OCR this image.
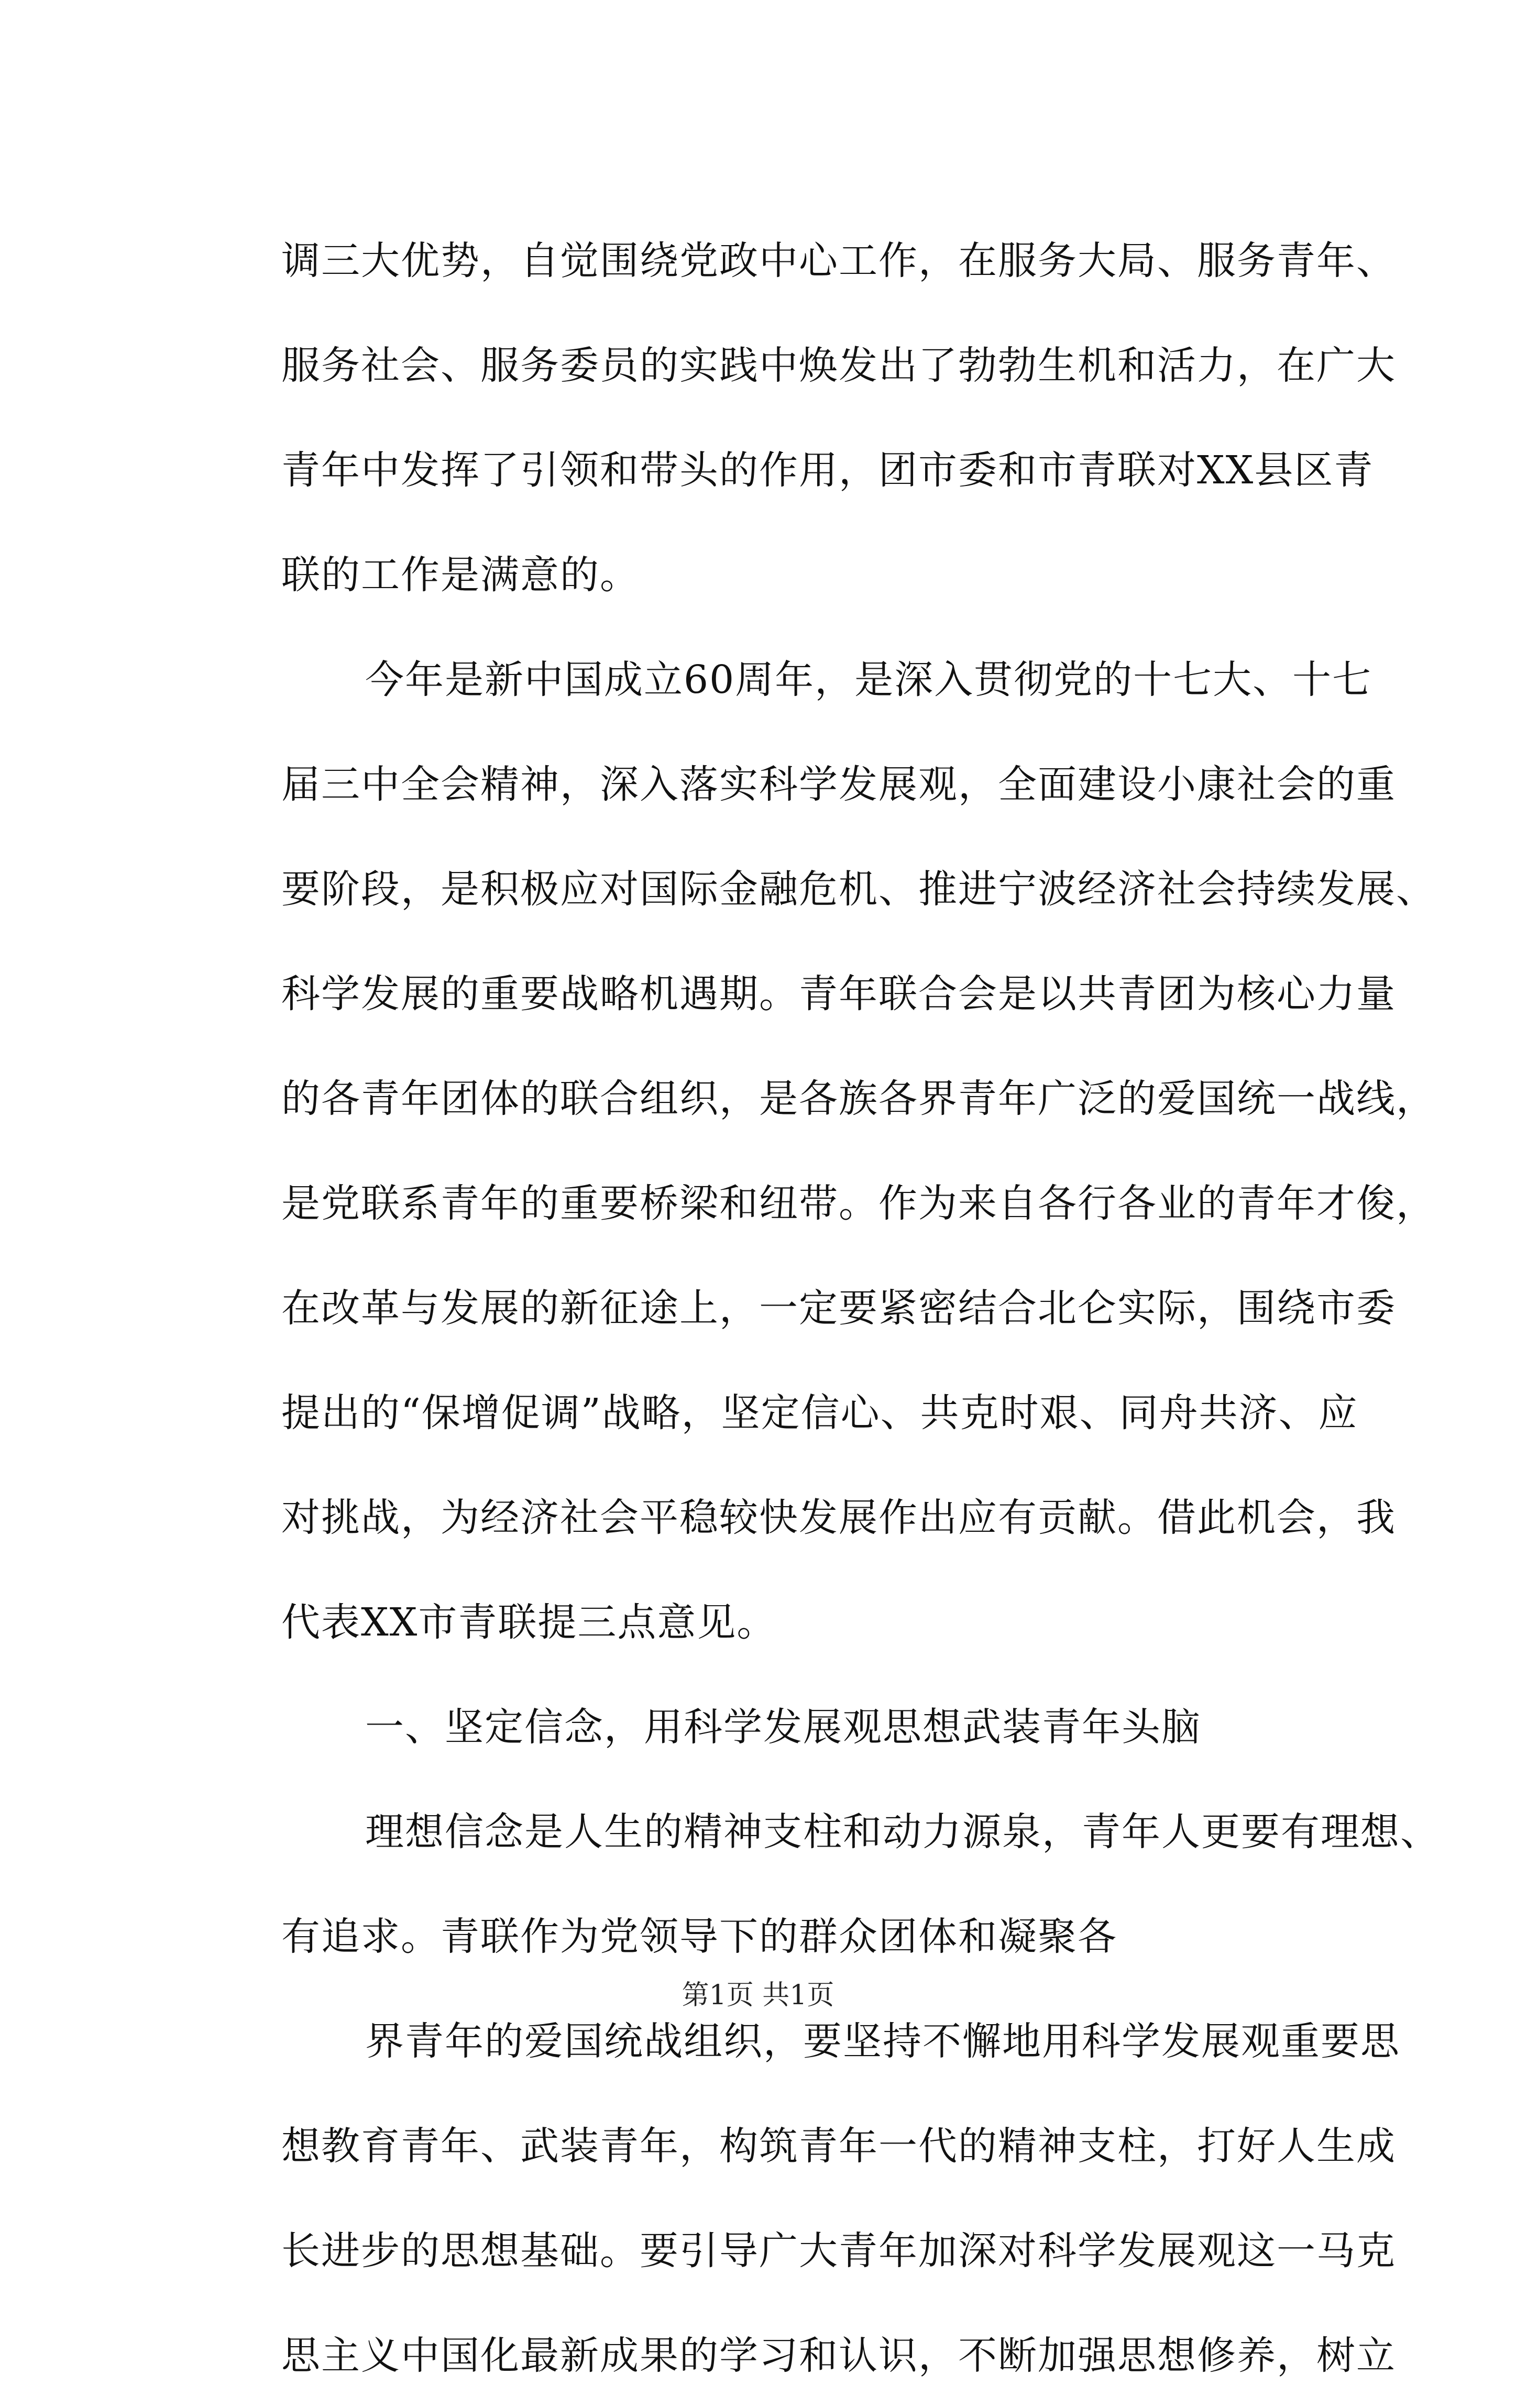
调三大优势，自觉围绕党政中心工作，在服务大局、服务青年、
服务社会、服务委员的实践中焕发出了勃勃生机和活力，在广大
青年中发挥了引领和带头的作用，团市委和市青联对XX县区青
联的工作是满意的。
今年是新中国成立60周年，是深入贯彻党的十七大、十七
届三中全会精神，深入落实科学发展观，全面建设小康社会的重
要阶段，是积极应对国际金融危机、推进宁波经济社会持续发展、
科学发展的重要战略机遇期。青年联合会是以共青团为核心力量
的各青年团体的联合组织，是各族各界青年广泛的爱国统一战线，
是党联系青年的重要桥梁和纽带。作为来自各行各业的青年才俊，
在改革与发展的新征途上，一定要紧密结合北仑实际，围绕市委
提出的“保增促调”战略，坚定信心、共克时艰、同舟共济、应
对挑战，为经济社会平稳较快发展作出应有贡献。借此机会，我
代表XX市青联提三点意见。
一、坚定信念，用科学发展观思想武装青年头脑
理想信念是人生的精神支柱和动力源泉，青年人更要有理想、
有追求。青联作为党领导下的群众团体和凝聚各
界青年的爱国统战组织，要坚持不懈地用科学发展观重要思
想教育青年、武装青年，构筑青年一代的精神支柱，打好人生成
长进步的思想基础。要引导广大青年加深对科学发展观这一马克
思主义中国化最新成果的学习和认识，不断加强思想修养，树立
第1页 共1页
